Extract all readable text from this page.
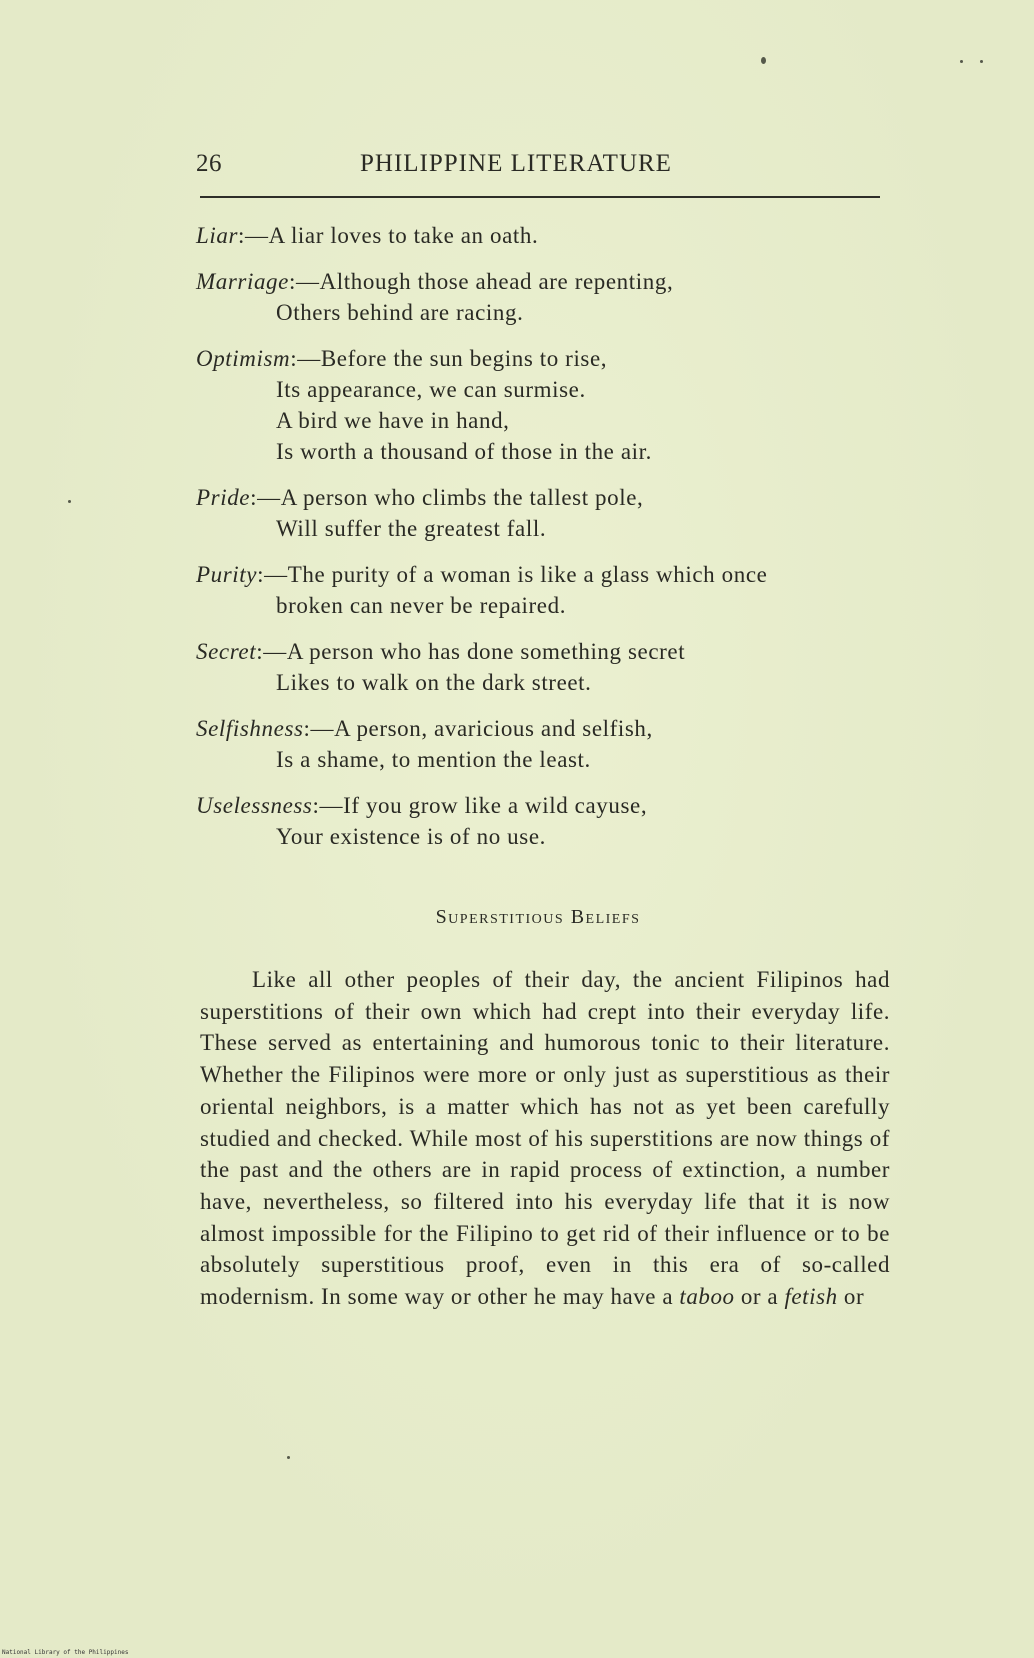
26	PHILIPPINE LITERATURE

Liar:—A liar loves to take an oath.

Marriage:—Although those ahead are repenting,
Others behind are racing.

Optimism:—Before the sun begins to rise,
Its appearance, we can surmise.
A bird we have in hand,
Is worth a thousand of those in the air.

Pride:—A person who climbs the tallest pole,
Will suffer the greatest fall.

Purity:—The purity of a woman is like a glass which once
broken can never be repaired.

Secret:—A person who has done something secret
Likes to walk on the dark street.

Selfishness:—A person, avaricious and selfish,
Is a shame, to mention the least.

Uselessness:—If you grow like a wild cayuse,
Your existence is of no use.

Superstitious Beliefs

Like all other peoples of their day, the ancient Filipinos had superstitions of their own which had crept into their everyday life. These served as entertaining and humorous tonic to their literature. Whether the Filipinos were more or only just as superstitious as their oriental neighbors, is a matter which has not as yet been carefully studied and checked. While most of his superstitions are now things of the past and the others are in rapid process of extinction, a number have, nevertheless, so filtered into his everyday life that it is now almost impossible for the Filipino to get rid of their influence or to be absolutely superstitious proof, even in this era of so-called modernism. In some way or other he may have a taboo or a fetish or

National Library of the Philippines
